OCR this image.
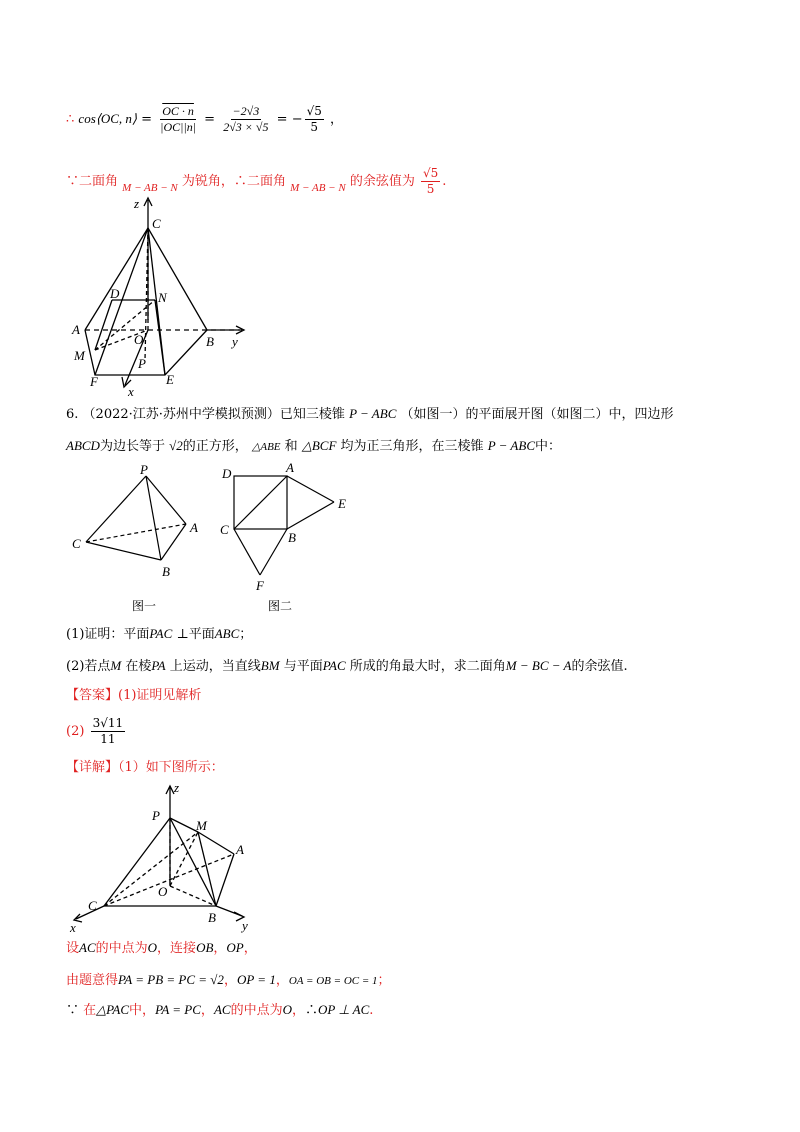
∴ cos⟨OC, n⟩ = $\frac{OC \cdot n}{|OC||n|} = \frac{-2√3}{2√3 \times √5}$ = − $\frac{√5}{5}$ ，
∵二面角 $_{M - AB - N}$ 为锐角，∴二面角 $_{M - AB - N}$ 的余弦值为 $\frac{√5}{5}$ .
z
C
D	N
A
O	B y
M
P
F	E
x
6. （2022·江苏·苏州中学模拟预测）已知三棱锥 P − ABC （如图一）的平面展开图（如图二）中，四边形
ABCD为边长等于 √2的正方形， △ABE 和 △BCF 均为正三角形，在三棱锥 P − ABC中：
P
A
C
B
图一
D	A
E
C
B
F
图二
(1)证明：平面PAC ⊥平面ABC；
(2)若点M 在棱PA 上运动，当直线BM 与平面PAC 所成的角最大时，求二面角M − BC − A的余弦值.
【答案】(1)证明见解析
$(2) \frac{3√11}{11}$
【详解】（1）如下图所示：
z
P
M
A
O
C
B
x	y
设AC的中点为O，连接OB，OP，
由题意得PA = PB = PC = √2，OP = 1，OA = OB = OC = 1；
∵ 在△PAC中，PA = PC，AC的中点为O，∴OP ⊥ AC.
